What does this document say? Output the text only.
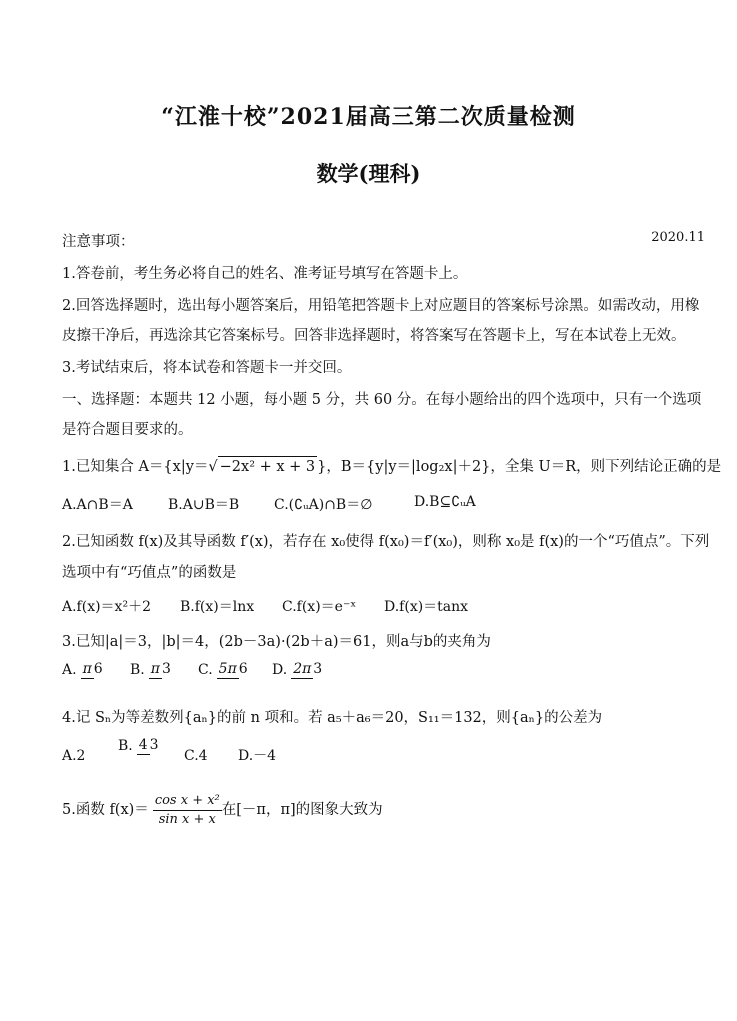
“江淮十校”2021届高三第二次质量检测
数学(理科)
2020.11
注意事项：
1.答卷前，考生务必将自己的姓名、准考证号填写在答题卡上。
2.回答选择题时，选出每小题答案后，用铅笔把答题卡上对应题目的答案标号涂黑。如需改动，用橡
皮擦干净后，再选涂其它答案标号。回答非选择题时，将答案写在答题卡上，写在本试卷上无效。
3.考试结束后，将本试卷和答题卡一并交回。
一、选择题：本题共 12 小题，每小题 5 分，共 60 分。在每小题给出的四个选项中，只有一个选项
是符合题目要求的。
1.已知集合 A＝{x|y＝√ −2x² + x + 3 }，B＝{y|y＝|log₂x|＋2}，全集 U＝R，则下列结论正确的是
A.A∩B＝A	B.A∪B＝B	C.(∁ᵤA)∩B＝∅	D.B⊆∁ᵤA
2.已知函数 f(x)及其导函数 f′(x)，若存在 x₀使得 f(x₀)＝f′(x₀)，则称 x₀是 f(x)的一个“巧值点”。下列
选项中有“巧值点”的函数是
A.f(x)＝x²＋2	B.f(x)＝lnx	C.f(x)＝e⁻ˣ	D.f(x)＝tanx
3.已知|a|＝3，|b|＝4，(2b－3a)·(2b＋a)＝61，则a与b的夹角为
A. π 6	B. π 3	C. 5π 6	D. 2π 3
4.记 Sₙ为等差数列{aₙ}的前 n 项和。若 a₅＋a₆＝20，S₁₁＝132，则{aₙ}的公差为
A.2
B. 4 3
C.4	D.－4
5.函数 $f(x)= \frac{\text{cos x + x²}}{\text{sin x + x}}$ 在[－π，π]的图象大致为
